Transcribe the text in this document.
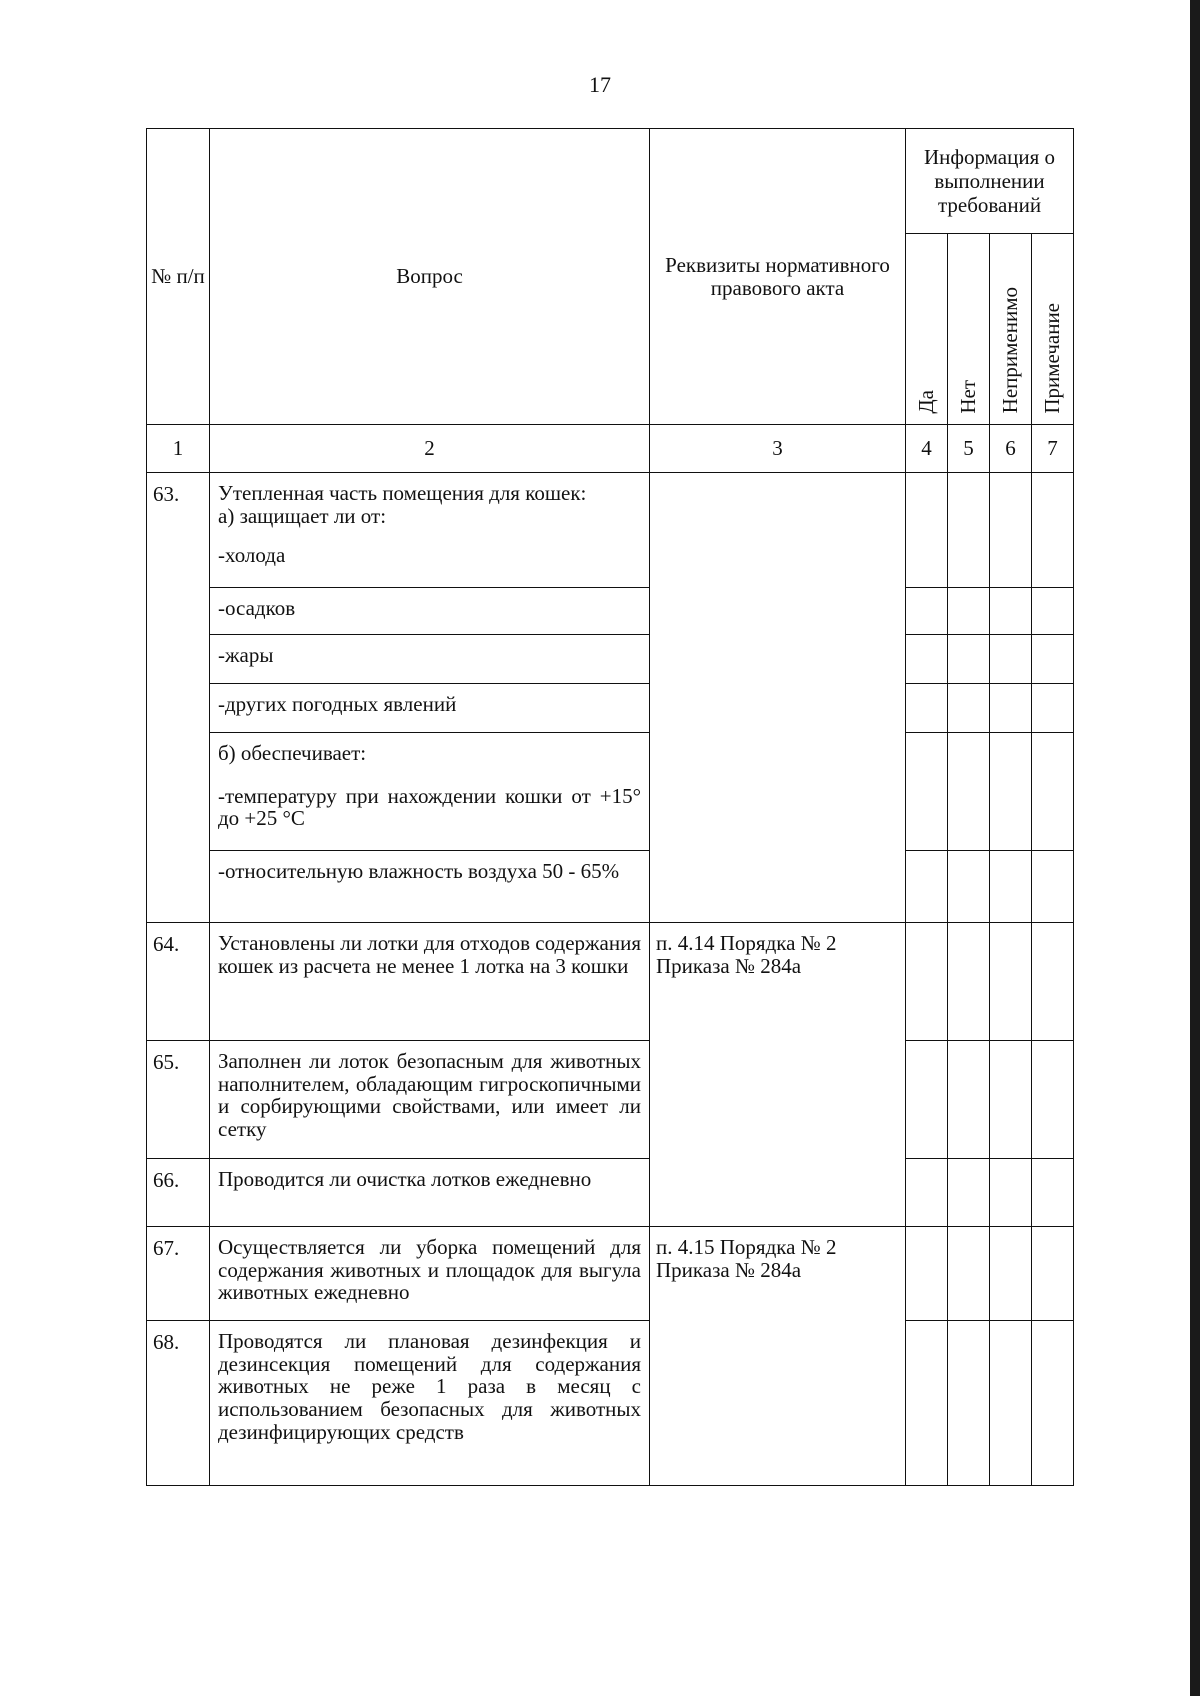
17
№ п/п	Вопрос	Реквизиты нормативного правового акта	Информация о выполнении требований			
			Да	Нет	Неприменимо	Примечание
1	2	3	4	5	6	7
63.	Утепленная часть помещения для кошек:
а) защищает ли от:
-холода					

	-осадков					
	-жары					
	-других погодных явлений					
	б) обеспечивает:					
	-температуру при нахождении кошки от +15° до +25 °С					
	-относительную влажность воздуха 50 - 65%					
64.	Установлены ли лотки для отходов содержания кошек из расчета не менее 1 лотка на 3 кошки	п. 4.14 Порядка № 2
Приказа № 284а				

65.	Заполнен ли лоток безопасным для животных наполнителем, обладающим гигроскопичными и сорбирующими свойствами, или имеет ли сетку					
66.	Проводится ли очистка лотков ежедневно					
67.	Осуществляется ли уборка помещений для содержания животных и площадок для выгула животных ежедневно	п. 4.15 Порядка № 2
Приказа № 284а				

68.	Проводятся ли плановая дезинфекция и дезинсекция помещений для содержания животных не реже 1 раза в месяц с использованием безопасных для животных дезинфицирующих средств					
